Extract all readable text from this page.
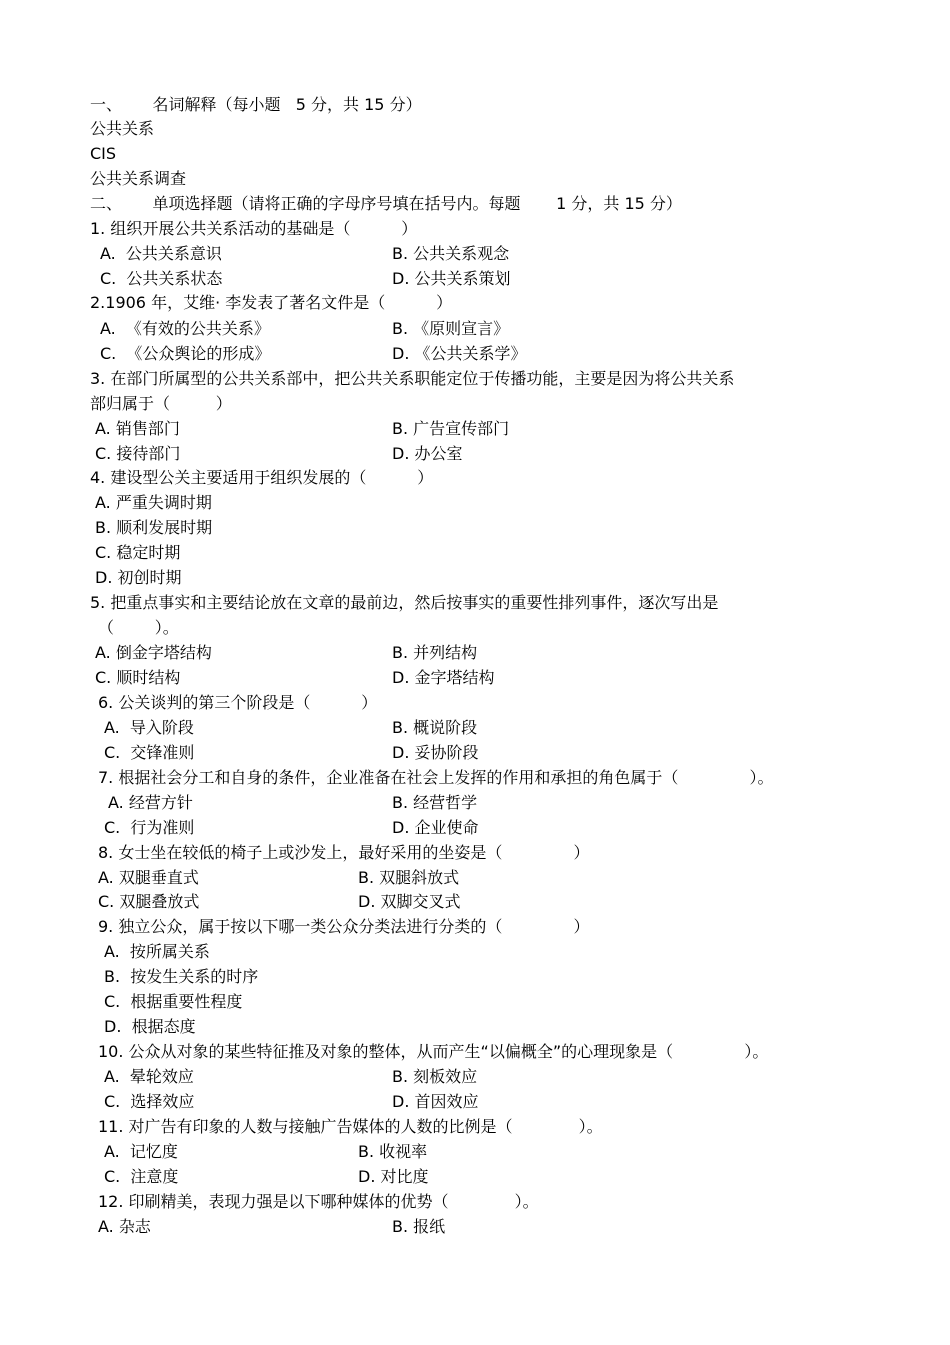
一、      名词解释（每小题   5 分，共 15 分）
公共关系
CIS
公共关系调查
二、      单项选择题（请将正确的字母序号填在括号内。每题       1 分，共 15 分）
1. 组织开展公共关系活动的基础是（          ）
A.  公共关系意识	B. 公共关系观念
C.  公共关系状态	D. 公共关系策划
2.1906 年，艾维· 李发表了著名文件是（          ）
A.  《有效的公共关系》	B. 《原则宣言》
C.  《公众舆论的形成》	D. 《公共关系学》
3. 在部门所属型的公共关系部中，把公共关系职能定位于传播功能，主要是因为将公共关系
部归属于（         ）
A. 销售部门	B. 广告宣传部门
C. 接待部门	D. 办公室
4. 建设型公关主要适用于组织发展的（          ）
A. 严重失调时期
B. 顺利发展时期
C. 稳定时期
D. 初创时期
5. 把重点事实和主要结论放在文章的最前边，然后按事实的重要性排列事件，逐次写出是
（        ）。
A. 倒金字塔结构	B. 并列结构
C. 顺时结构	D. 金字塔结构
6. 公关谈判的第三个阶段是（          ）
A.  导入阶段	B. 概说阶段
C.  交锋准则	D. 妥协阶段
7. 根据社会分工和自身的条件，企业准备在社会上发挥的作用和承担的角色属于（              ）。
A. 经营方针	B. 经营哲学
C.  行为准则	D. 企业使命
8. 女士坐在较低的椅子上或沙发上，最好采用的坐姿是（              ）
A. 双腿垂直式	B. 双腿斜放式
C. 双腿叠放式	D. 双脚交叉式
9. 独立公众，属于按以下哪一类公众分类法进行分类的（              ）
A.  按所属关系
B.  按发生关系的时序
C.  根据重要性程度
D.  根据态度
10. 公众从对象的某些特征推及对象的整体，从而产生“以偏概全”的心理现象是（              ）。
A.  晕轮效应	B. 刻板效应
C.  选择效应	D. 首因效应
11. 对广告有印象的人数与接触广告媒体的人数的比例是（             ）。
A.  记忆度	B. 收视率
C.  注意度	D. 对比度
12. 印刷精美，表现力强是以下哪种媒体的优势（             ）。
A. 杂志	B. 报纸
